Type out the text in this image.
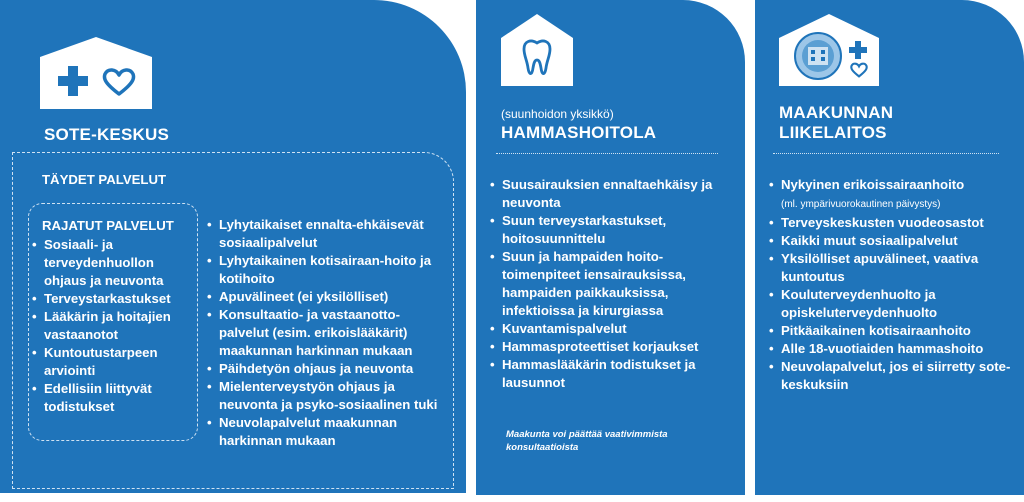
SOTE-KESKUS
TÄYDET PALVELUT
RAJATUT PALVELUT
• Sosiaali- ja terveydenhuollon ohjaus ja neuvonta
• Terveystarkastukset
• Lääkärin ja hoitajien vastaanotot
• Kuntoutustarpeen arviointi
• Edellisiin liittyvät todistukset
• Lyhytaikaiset ennalta-ehkäisevät sosiaalipalvelut
• Lyhytaikainen kotisairaan-hoito ja kotihoito
• Apuvälineet (ei yksilölliset)
• Konsultaatio- ja vastaanotto-palvelut (esim. erikoislääkärit) maakunnan harkinnan mukaan
• Päihdetyön ohjaus ja neuvonta
• Mielenterveystyön ohjaus ja neuvonta ja psyko-sosiaalinen tuki
• Neuvolapalvelut maakunnan harkinnan mukaan
(suunhoidon yksikkö)
HAMMASHOITOLA
• Suusairauksien ennaltaehkäisy ja neuvonta
• Suun terveystarkastukset, hoitosuunnittelu
• Suun ja hampaiden hoito-toimenpiteet iensairauksissa, hampaiden paikkauksissa, infektioissa ja kirurgiassa
• Kuvantamispalvelut
• Hammasproteettiset korjaukset
• Hammaslääkärin todistukset ja lausunnot
Maakunta voi päättää vaativimmista konsultaatioista
MAAKUNNAN
LIIKELAITOS
• Nykyinen erikoissairaanhoito
(ml. ympärivuorokautinen päivystys)
• Terveyskeskusten vuodeosastot
• Kaikki muut sosiaalipalvelut
• Yksilölliset apuvälineet, vaativa kuntoutus
• Kouluterveydenhuolto ja opiskeluterveydenhuolto
• Pitkäaikainen kotisairaanhoito
• Alle 18-vuotiaiden hammashoito
• Neuvolapalvelut, jos ei siirretty sote-keskuksiin
